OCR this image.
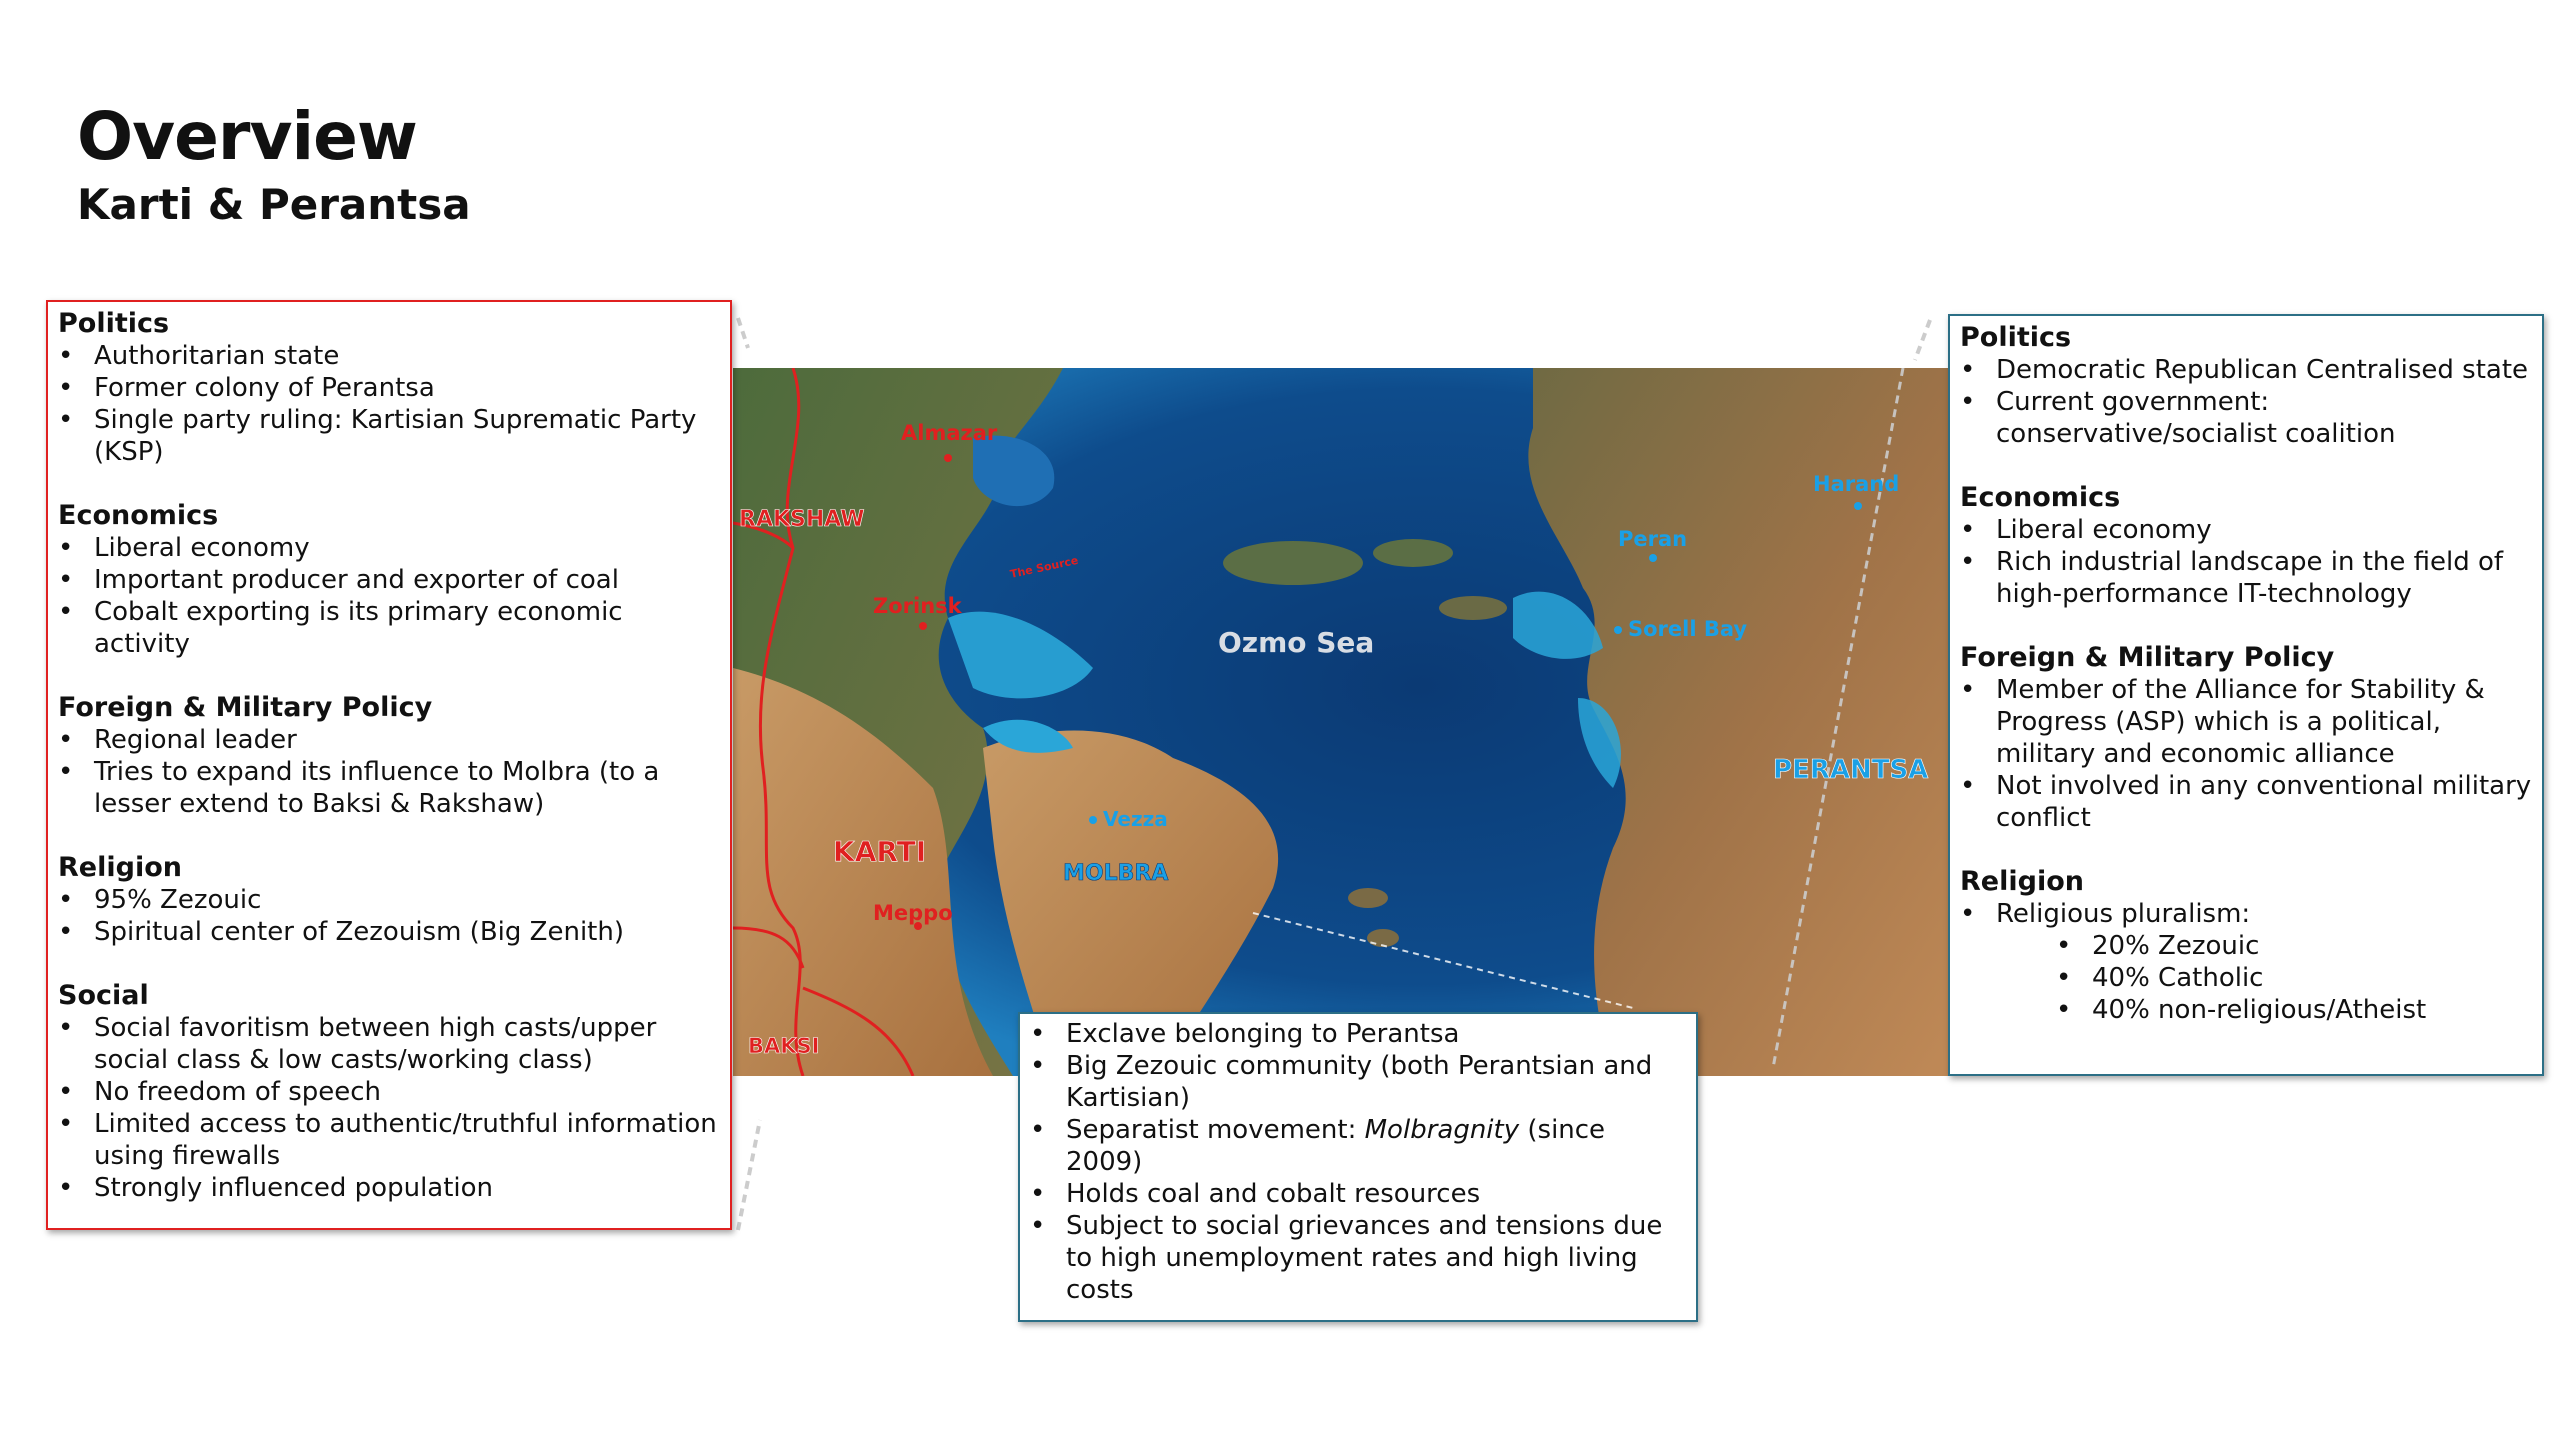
Overview
Karti & Perantsa
Almazar
RAKSHAW
The Source
Zorinsk
KARTI
Meppo
BAKSI
Vezza
MOLBRA
Ozmo Sea
Harand
Peran
Sorell Bay
PERANTSA
Politics
• Authoritarian state
• Former colony of Perantsa
• Single party ruling: Kartisian Suprematic Party (KSP)
Economics
• Liberal economy
• Important producer and exporter of coal
• Cobalt exporting is its primary economic activity
Foreign & Military Policy
• Regional leader
• Tries to expand its influence to Molbra (to a lesser extend to Baksi & Rakshaw)
Religion
• 95% Zezouic
• Spiritual center of Zezouism (Big Zenith)
Social
• Social favoritism between high casts/upper social class & low casts/working class)
• No freedom of speech
• Limited access to authentic/truthful information using firewalls
• Strongly influenced population
• Exclave belonging to Perantsa
• Big Zezouic community (both Perantsian and Kartisian)
• Separatist movement: Molbragnity (since 2009)
• Holds coal and cobalt resources
• Subject to social grievances and tensions due to high unemployment rates and high living costs
Politics
• Democratic Republican Centralised state
• Current government: conservative/socialist coalition
Economics
• Liberal economy
• Rich industrial landscape in the field of high-performance IT-technology
Foreign & Military Policy
• Member of the Alliance for Stability & Progress (ASP) which is a political, military and economic alliance
• Not involved in any conventional military conflict
Religion
• Religious pluralism:
• 20% Zezouic
• 40% Catholic
• 40% non-religious/Atheist
